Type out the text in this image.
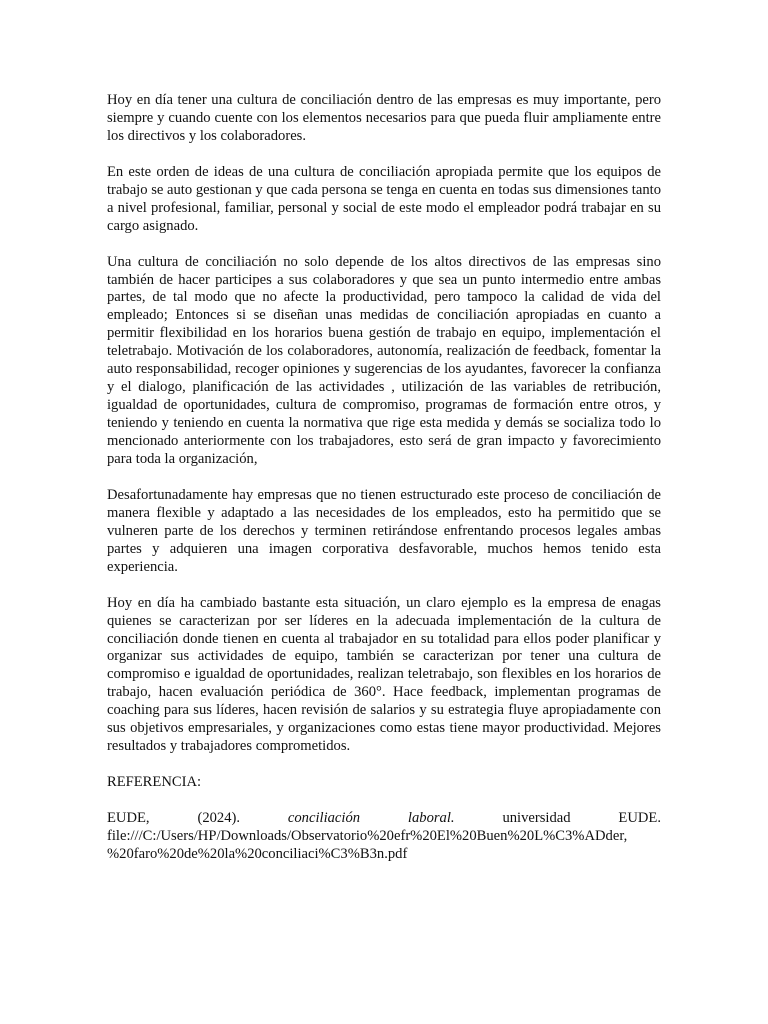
Hoy en día tener una cultura de conciliación dentro de las empresas es muy importante, pero siempre y cuando cuente con los elementos necesarios para que pueda fluir ampliamente entre los directivos y los colaboradores.

En este orden de ideas de una cultura de conciliación apropiada permite que los equipos de trabajo se auto gestionan y que cada persona se tenga en cuenta en todas sus dimensiones tanto a nivel profesional, familiar, personal y social de este modo el empleador podrá trabajar en su cargo asignado.

Una cultura de conciliación no solo depende de los altos directivos de las empresas sino también de hacer participes a sus colaboradores y que sea un punto intermedio entre ambas partes, de tal modo que no afecte la productividad, pero tampoco la calidad de vida del empleado; Entonces si se diseñan unas medidas de conciliación apropiadas en cuanto a permitir flexibilidad en los horarios buena gestión de trabajo en equipo, implementación el teletrabajo. Motivación de los colaboradores, autonomía, realización de feedback, fomentar la auto responsabilidad, recoger opiniones y sugerencias de los ayudantes, favorecer la confianza y el dialogo, planificación de las actividades , utilización de las variables de retribución, igualdad de oportunidades, cultura de compromiso, programas de formación entre otros, y teniendo y teniendo en cuenta la normativa que rige esta medida y demás se socializa todo lo mencionado anteriormente con los trabajadores, esto será de gran impacto y favorecimiento para toda la organización,

Desafortunadamente hay empresas que no tienen estructurado este proceso de conciliación de manera flexible y adaptado a las necesidades de los empleados, esto ha permitido que se vulneren parte de los derechos y terminen retirándose enfrentando procesos legales ambas partes y adquieren una imagen corporativa desfavorable, muchos hemos tenido esta experiencia.

Hoy en día ha cambiado bastante esta situación, un claro ejemplo es la empresa de enagas quienes se caracterizan por ser líderes en la adecuada implementación de la cultura de conciliación donde tienen en cuenta al trabajador en su totalidad para ellos poder planificar y organizar sus actividades de equipo, también se caracterizan por tener una cultura de compromiso e igualdad de oportunidades, realizan teletrabajo, son flexibles en los horarios de trabajo, hacen evaluación periódica de 360°. Hace feedback, implementan programas de coaching para sus líderes, hacen revisión de salarios y su estrategia fluye apropiadamente con sus objetivos empresariales, y organizaciones como estas tiene mayor productividad. Mejores resultados y trabajadores comprometidos.

REFERENCIA:

EUDE,	(2024).	conciliación laboral.	universidad EUDE.
file:///C:/Users/HP/Downloads/Observatorio%20efr%20El%20Buen%20L%C3%ADder,
%20faro%20de%20la%20conciliaci%C3%B3n.pdf
